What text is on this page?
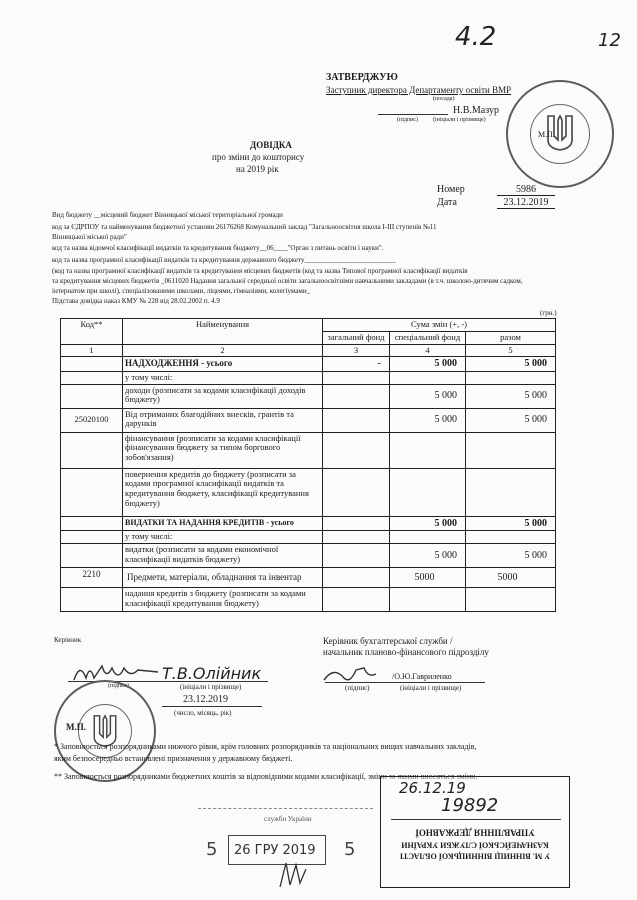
4.2	12
ЗАТВЕРДЖУЮ
Заступник директора Департаменту освіти ВМР
(посада)
Н.В.Мазур
(підпис) (ініціали і прізвище)
М.П.
ДОВІДКА
про зміни до кошторису
на 2019 рік
Номер	5986
Дата	23.12.2019
Вид бюджету __місцевий бюджет Вінницької міської територіальної громади
код за ЄДРПОУ та найменування бюджетної установи 26176268 Комунальний заклад "Загальноосвітня школа І-ІІІ ступенів №11
Вінницької міської ради"
код та назва відомчої класифікації видатків та кредитування бюджету__06____"Орган з питань освіти і науки".
код та назва програмної класифікації видатків та кредитування державного бюджету__________________________
(код та назва програмної класифікації видатків та кредитування місцевих бюджетів (код та назва Типової програмної класифікації видатків
та кредитування місцевих бюджетів _0611020 Надання загальної середньої освіти загальноосвітніми навчальними закладами (в т.ч. школою-дитячим садком,
інтернатом при школі), спеціалізованими школами, ліцеями, гімназіями, колегіумами_
Підстава довідка наказ КМУ № 228 від 28.02.2002 п. 4.9
(грн.)
Код**	Найменування	Сума змін (+, -)		
		загальний фонд	спеціальний фонд	разом
1	2	3	4	5
	НАДХОДЖЕННЯ - усього	-	5 000	5 000
	у тому числі:			
	доходи (розписати за кодами класифікації доходів бюджету)		5 000	5 000
25020100	Від отриманих благодійних внесків, грантів та дарунків		5 000	5 000
	фінансування (розписати за кодами класифікації фінансування бюджету за типом боргового зобов'язання)			
	повернення кредитів до бюджету (розписати за кодами програмної класифікації видатків та кредитування бюджету, класифікації кредитування бюджету)			
	ВИДАТКИ ТА НАДАННЯ КРЕДИТІВ - усього		5 000	5 000
	у тому числі:			
	видатки (розписати за кодами економічної класифікації видатків бюджету)		5 000	5 000
2210	Предмети, матеріали, обладнання та інвентар		5000	5000
	надання кредитів з бюджету (розписати за кодами класифікації кредитування бюджету)			
Керівник
Т.В.Олійник
(підпис)	(ініціали і прізвище)
23.12.2019
(число, місяць, рік)
М.П.
Керівник бухгалтерської служби /
начальник планово-фінансового підрозділу
/О.Ю.Гавриленко
(підпис)	(ініціали і прізвище)
* Заповнюється розпорядниками нижчого рівня, крім головних розпорядників та національних вищих навчальних закладів,
яким безпосередньо встановлені призначення у державному бюджеті.
** Заповнюється розпорядниками бюджетних коштів за відповідними кодами класифікації, зміни за якими вносяться зміни.
26.12.19
19892
У М. ВІННИЦІ ВІННИЦЬКОЇ ОБЛАСТІ
КАЗНАЧЕЙСЬКОЇ СЛУЖБИ УКРАЇНИ
УПРАВЛІННЯ ДЕРЖАВНОЇ
служби України
5 26 ГРУ 2019 5
